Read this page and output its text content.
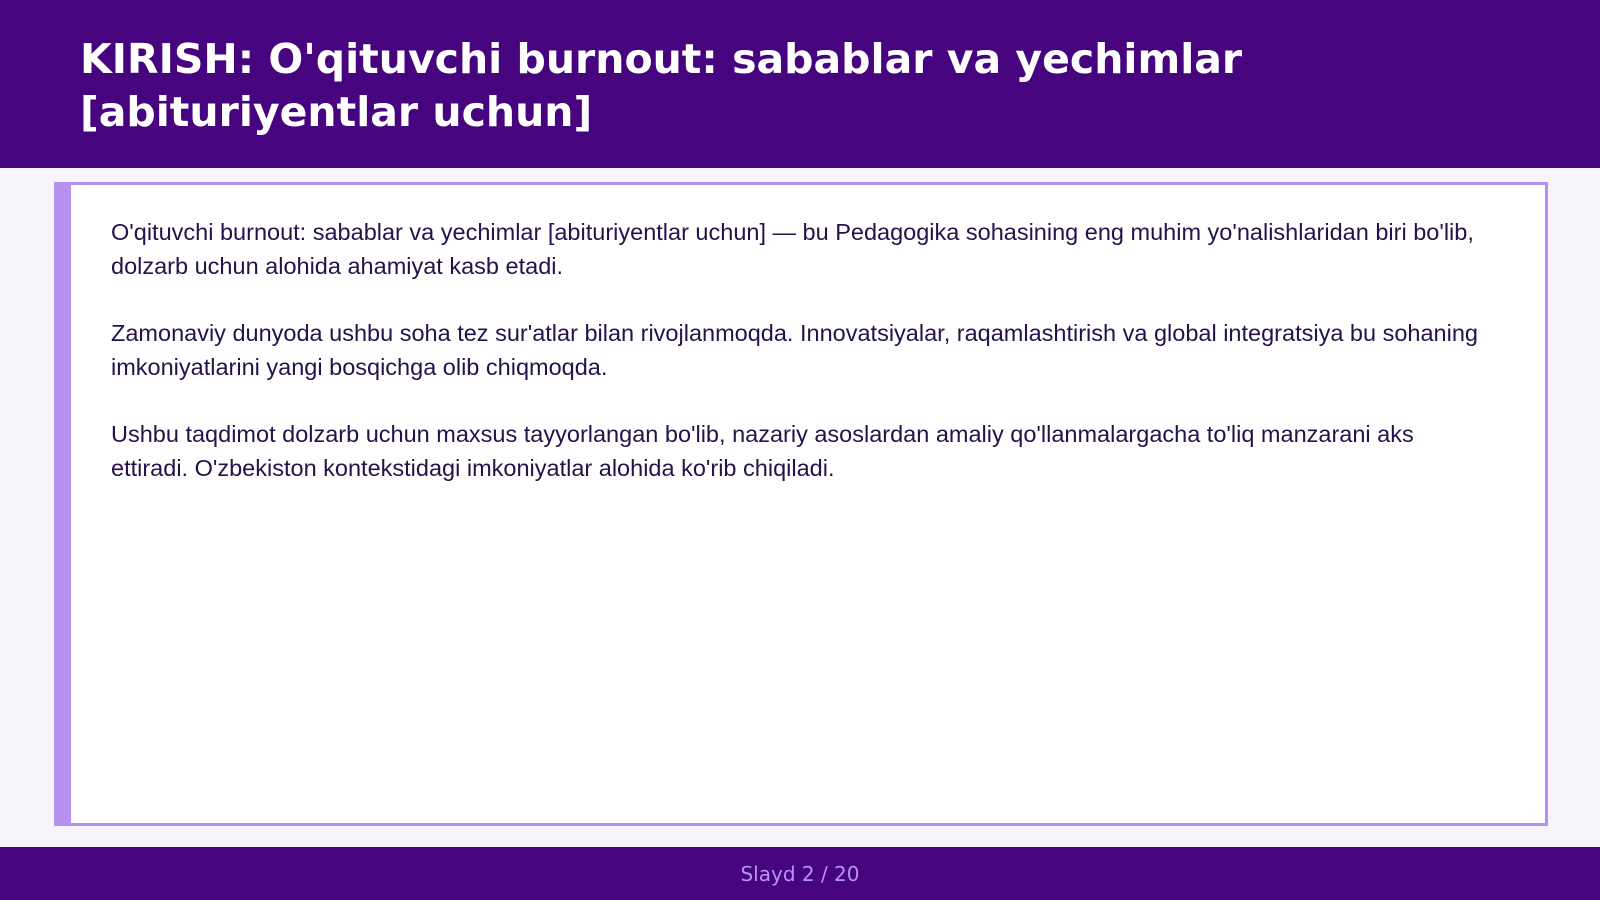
KIRISH: O'qituvchi burnout: sabablar va yechimlar [abituriyentlar uchun]

O'qituvchi burnout: sabablar va yechimlar [abituriyentlar uchun] — bu Pedagogika sohasining eng muhim yo'nalishlaridan biri bo'lib, dolzarb uchun alohida ahamiyat kasb etadi.

Zamonaviy dunyoda ushbu soha tez sur'atlar bilan rivojlanmoqda. Innovatsiyalar, raqamlashtirish va global integratsiya bu sohaning imkoniyatlarini yangi bosqichga olib chiqmoqda.

Ushbu taqdimot dolzarb uchun maxsus tayyorlangan bo'lib, nazariy asoslardan amaliy qo'llanmalargacha to'liq manzarani aks ettiradi. O'zbekiston kontekstidagi imkoniyatlar alohida ko'rib chiqiladi.

Slayd 2 / 20
